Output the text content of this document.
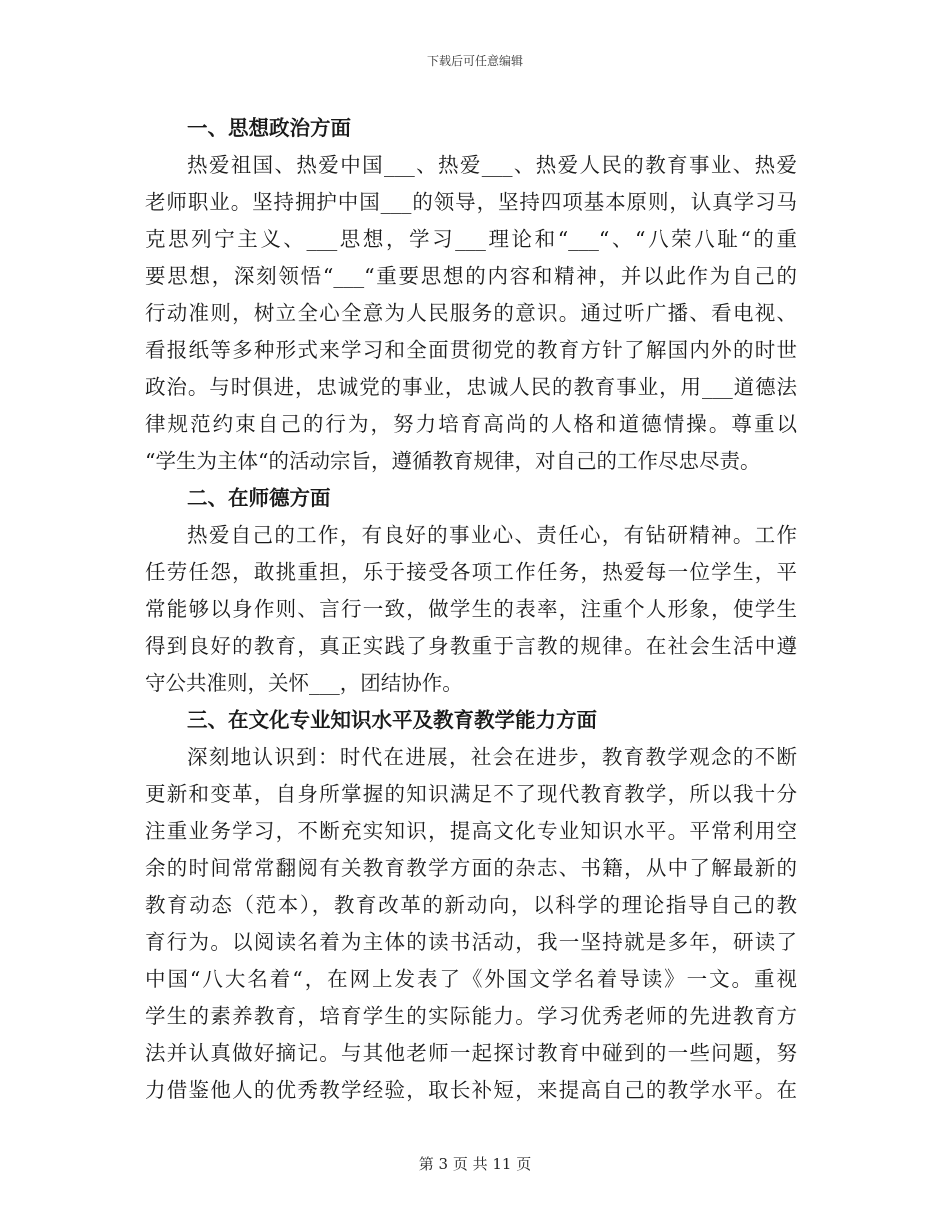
下载后可任意编辑
一、思想政治方面
热爱祖国、热爱中国___、热爱___、热爱人民的教育事业、热爱
老师职业。坚持拥护中国___的领导，坚持四项基本原则，认真学习马
克思列宁主义、___思想，学习___理论和“___“、“八荣八耻“的重
要思想，深刻领悟“___“重要思想的内容和精神，并以此作为自己的
行动准则，树立全心全意为人民服务的意识。通过听广播、看电视、
看报纸等多种形式来学习和全面贯彻党的教育方针了解国内外的时世
政治。与时俱进，忠诚党的事业，忠诚人民的教育事业，用___道德法
律规范约束自己的行为，努力培育高尚的人格和道德情操。尊重以
“学生为主体“的活动宗旨，遵循教育规律，对自己的工作尽忠尽责。
二、在师德方面
热爱自己的工作，有良好的事业心、责任心，有钻研精神。工作
任劳任怨，敢挑重担，乐于接受各项工作任务，热爱每一位学生，平
常能够以身作则、言行一致，做学生的表率，注重个人形象，使学生
得到良好的教育，真正实践了身教重于言教的规律。在社会生活中遵
守公共准则，关怀___，团结协作。
三、在文化专业知识水平及教育教学能力方面
深刻地认识到：时代在进展，社会在进步，教育教学观念的不断
更新和变革，自身所掌握的知识满足不了现代教育教学，所以我十分
注重业务学习，不断充实知识，提高文化专业知识水平。平常利用空
余的时间常常翻阅有关教育教学方面的杂志、书籍，从中了解最新的
教育动态（范本），教育改革的新动向，以科学的理论指导自己的教
育行为。以阅读名着为主体的读书活动，我一坚持就是多年，研读了
中国“八大名着“，在网上发表了《外国文学名着导读》一文。重视
学生的素养教育，培育学生的实际能力。学习优秀老师的先进教育方
法并认真做好摘记。与其他老师一起探讨教育中碰到的一些问题，努
力借鉴他人的优秀教学经验，取长补短，来提高自己的教学水平。在
第 3 页 共 11 页
